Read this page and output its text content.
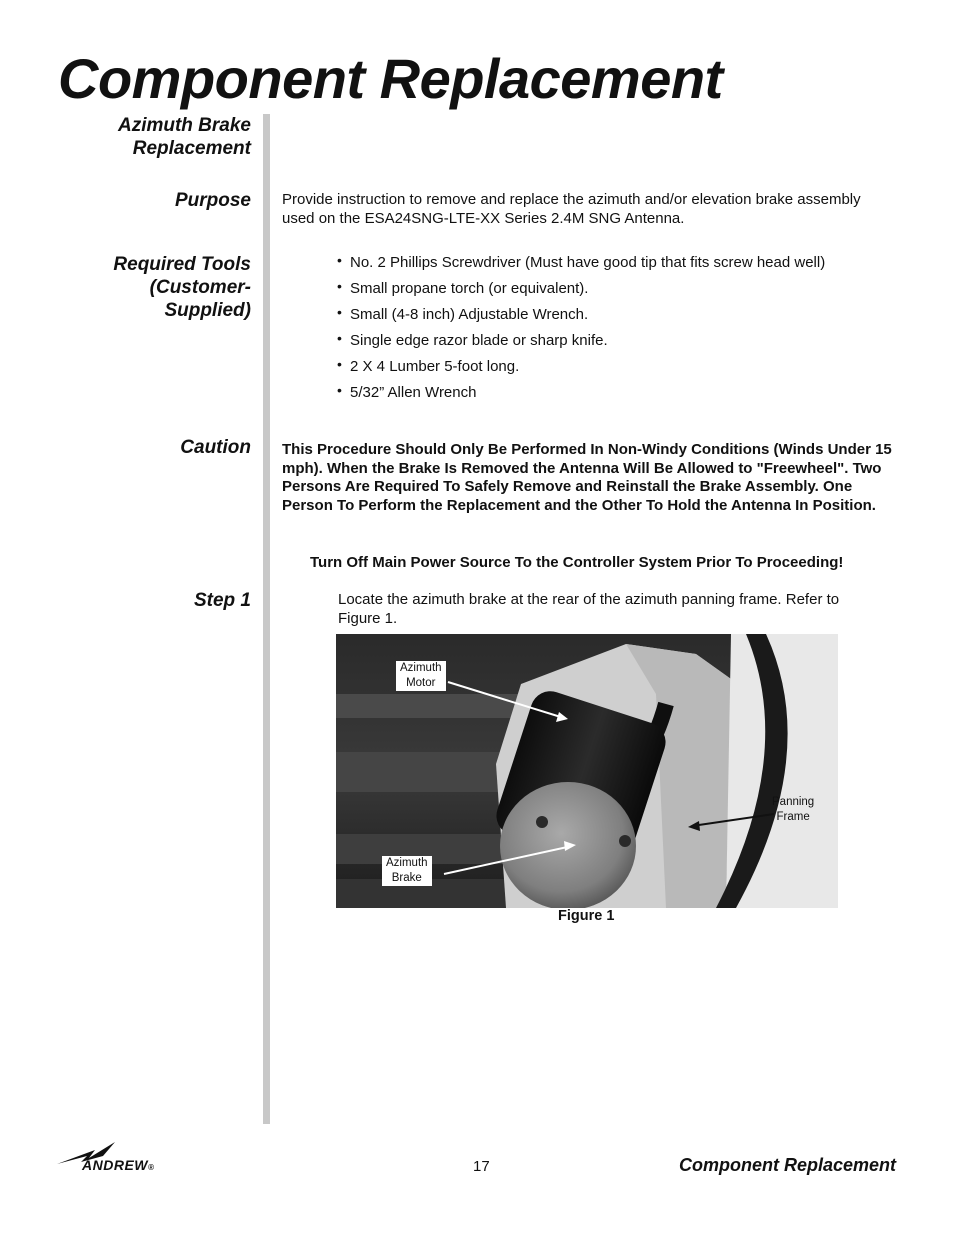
Component Replacement
Azimuth Brake
Replacement
Purpose
Required Tools
(Customer-
Supplied)
Caution
Step 1
Provide instruction to remove and replace the azimuth and/or elevation brake assembly
used on the ESA24SNG-LTE-XX Series 2.4M SNG Antenna.
• No. 2 Phillips Screwdriver (Must have good tip that fits screw head well)
• Small propane torch (or equivalent).
• Small (4-8 inch) Adjustable Wrench.
• Single edge razor blade or sharp knife.
• 2 X 4 Lumber 5-foot long.
• 5/32” Allen Wrench
This Procedure Should Only Be Performed In Non-Windy Conditions (Winds Under 15 mph). When the Brake Is Removed the Antenna Will Be Allowed to "Freewheel". Two Persons Are Required To Safely Remove and Reinstall the Brake Assembly. One Person To Perform the Replacement and the Other To Hold the Antenna In Position.
Turn Off Main Power Source To the Controller System Prior To Proceeding!
Locate the azimuth brake at the rear of the azimuth panning frame. Refer to
Figure 1.
Azimuth
Motor
Panning
Frame
Azimuth
Brake
Figure 1
ANDREW®	17	Component Replacement
